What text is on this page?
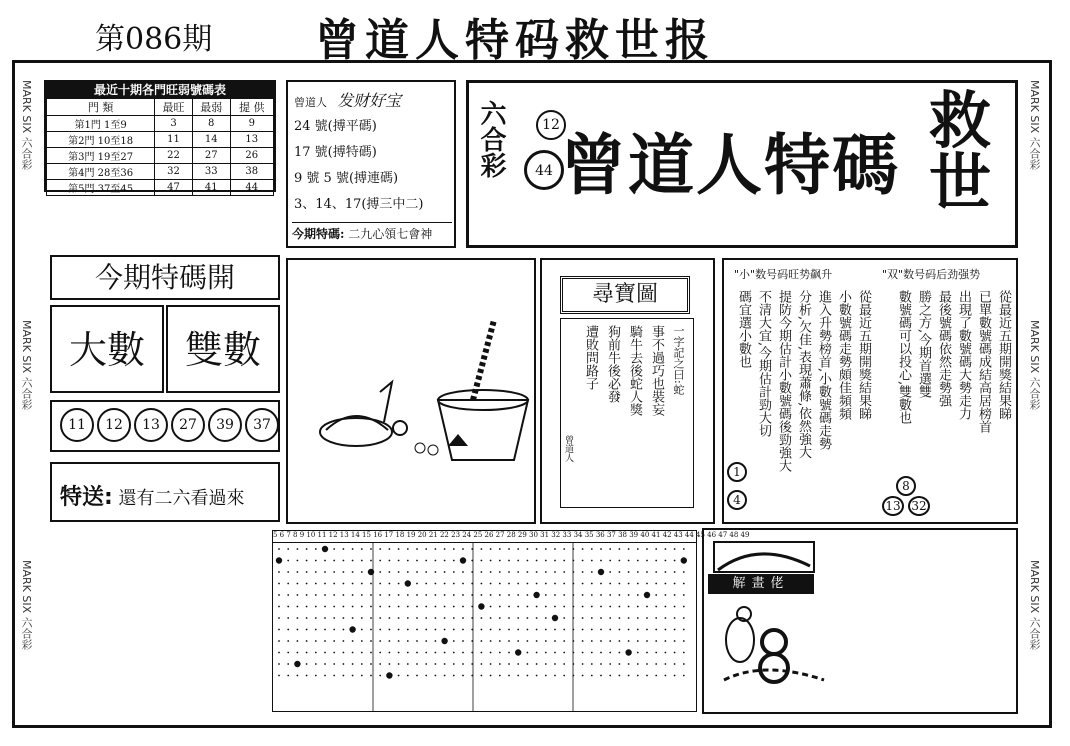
第086期 曾道人特码救世报
MARK SIX 六合彩
MARK SIX 六合彩
MARK SIX 六合彩
MARK SIX 六合彩
MARK SIX 六合彩
MARK SIX 六合彩
最近十期各門旺弱號碼表
門 類	最旺	最弱	提 供
第1門 1至9	3	8	9
第2門 10至18	11	14	13
第3門 19至27	22	27	26
第4門 28至36	32	33	38
第5門 37至45	47	41	44
曾道人 发财好宝
24 號(搏平碼)
17 號(搏特碼)
9 號 5 號(搏連碼)
3、14、17(搏三中二)
今期特碼: 二九心領七會神
六合彩	12
44 曾道人特碼
救世
今期特碼開
大數	雙數
11	12	13	27	39	37
特送: 還有二六看過來
尋寶圖
一字記之曰:蛇
事不過巧也裝妄
騎牛去後蛇人獎
狗前牛後必發
遭敗問路子
曾道人
"小"数号码旺势飙升	"双"数号码后劲强势
從最近五期開獎結果睇
小數號碼走勢頗佳頻頻
進入升勢榜首,小數號碼走勢
分析,欠佳,表現蕭條,依然強大
提防今期估計小數號碼後勁強大
不清大宜,今期估計勁大切
碼宜選小數也	從最近五期開獎結果睇
已單數號碼成結高居榜首
出現了數號碼大勢走力
最後號碼依然走勢强
勝之方,今期首選雙
數號碼可以投心,雙數也
1
4
8
13 32
5 6 7 8 9 10 11 12 13 14 15 16 17 18 19 20 21 22 23 24 25 26 27 28 29 30 31 32 33 34 35 36 37 38 39 40 41 42 43 44 45 46 47 48 49
解畫佬
